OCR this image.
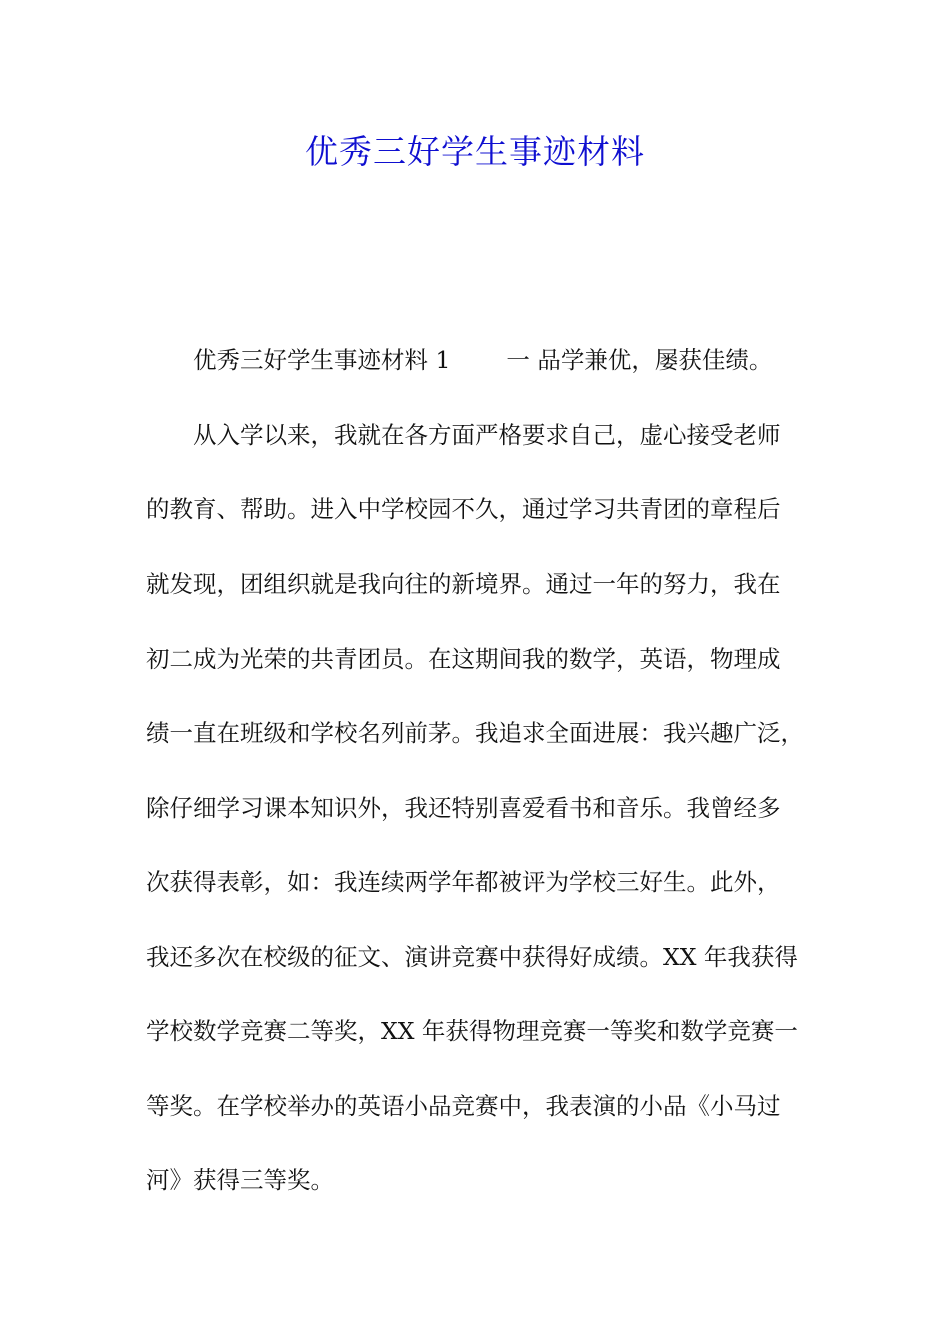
优秀三好学生事迹材料
优秀三好学生事迹材料 1 一 品学兼优，屡获佳绩。
从入学以来，我就在各方面严格要求自己，虚心接受老师
的教育、帮助。进入中学校园不久，通过学习共青团的章程后
就发现，团组织就是我向往的新境界。通过一年的努力，我在
初二成为光荣的共青团员。在这期间我的数学，英语，物理成
绩一直在班级和学校名列前茅。我追求全面进展：我兴趣广泛，
除仔细学习课本知识外，我还特别喜爱看书和音乐。我曾经多
次获得表彰，如：我连续两学年都被评为学校三好生。此外，
我还多次在校级的征文、演讲竞赛中获得好成绩。XX 年我获得
学校数学竞赛二等奖，XX 年获得物理竞赛一等奖和数学竞赛一
等奖。在学校举办的英语小品竞赛中，我表演的小品《小马过
河》获得三等奖。
